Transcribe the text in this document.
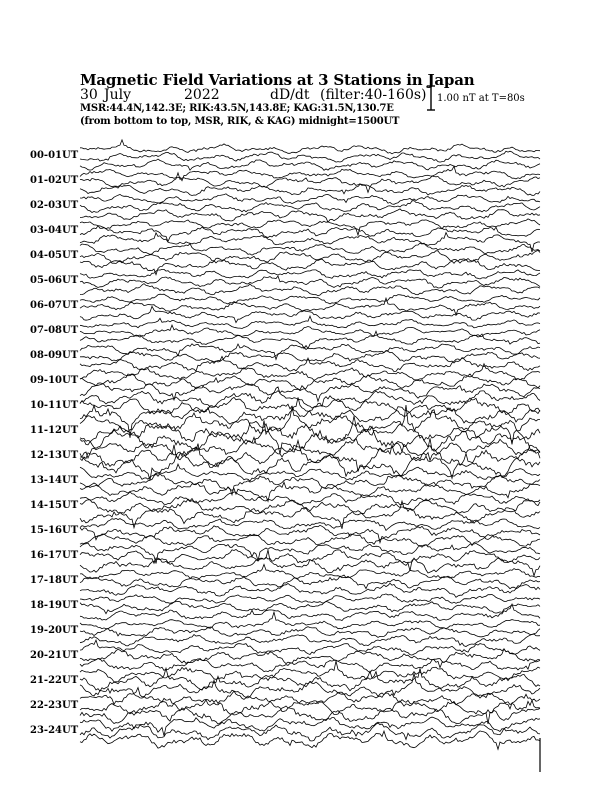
Magnetic Field Variations at 3 Stations in Japan
30 July	2022	dD/dt (filter:40-160s)
MSR:44.4N,142.3E; RIK:43.5N,143.8E; KAG:31.5N,130.7E
(from bottom to top, MSR, RIK, & KAG) midnight=1500UT
1.00 nT at T=80s
00-01UT
01-02UT
02-03UT
03-04UT
04-05UT
05-06UT
06-07UT
07-08UT
08-09UT
09-10UT
10-11UT
11-12UT
12-13UT
13-14UT
14-15UT
15-16UT
16-17UT
17-18UT
18-19UT
19-20UT
20-21UT
21-22UT
22-23UT
23-24UT
